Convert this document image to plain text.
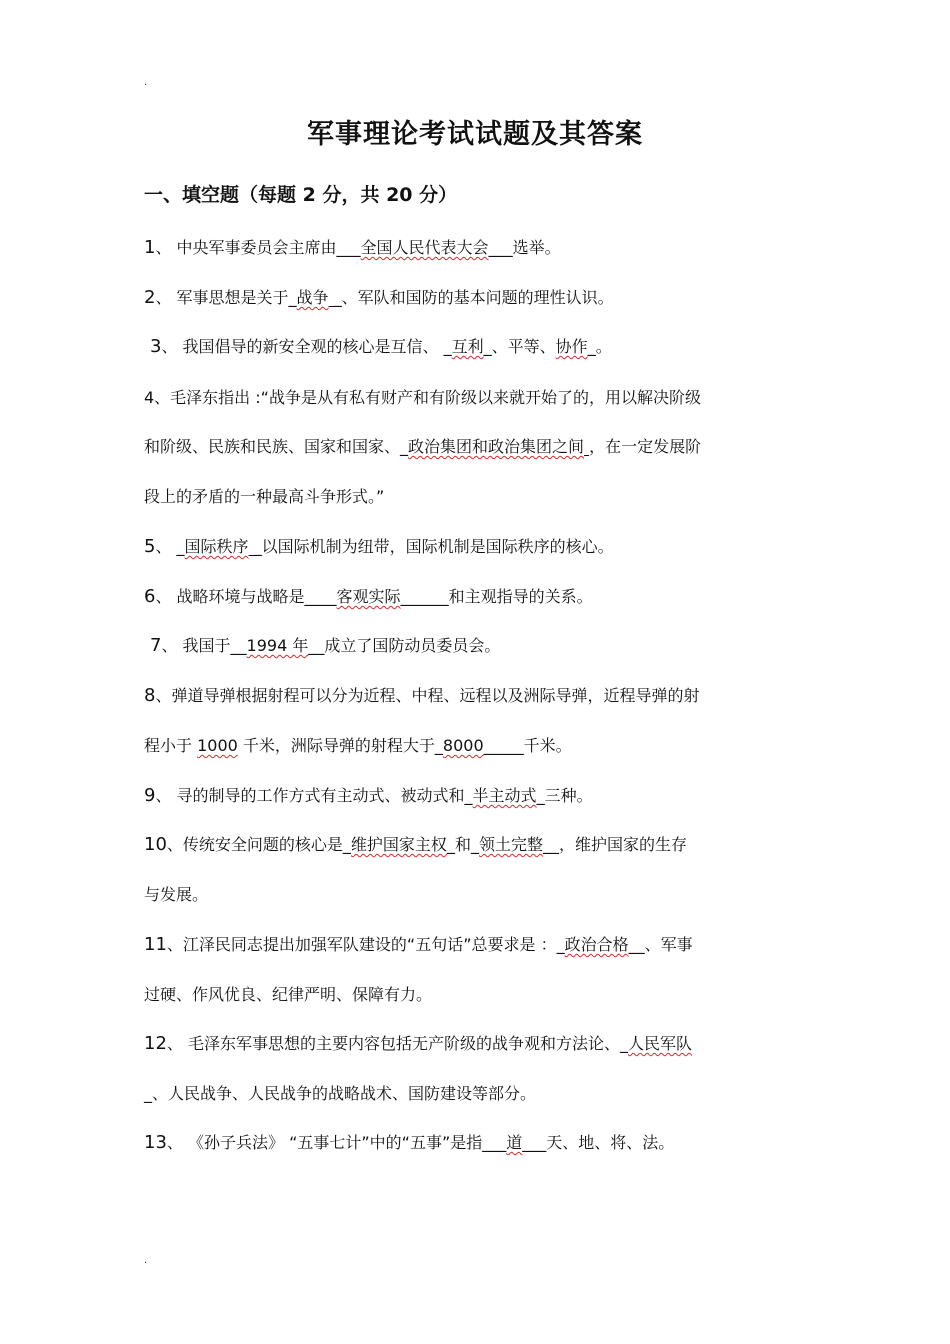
.
军事理论考试试题及其答案
一、填空题（每题 2 分，共 20 分）
1、 中央军事委员会主席由___全国人民代表大会___选举。
2、 军事思想是关于_战争 _、军队和国防的基本问题的理性认识。
3、 我国倡导的新安全观的核心是互信、 _互利_、平等、协作_。
4、毛泽东指出 :“战争是从有私有财产和有阶级以来就开始了的，用以解决阶级
和阶级、民族和民族、国家和国家、_政治集团和政治集团之间 ，在一定发展阶
段上的矛盾的一种最高斗争形式。”
5、 _国际秩序 _以国际机制为纽带，国际机制是国际秩序的核心。
6、 战略环境与战略是____客观实际______和主观指导的关系。
7、 我国于__1994 年__成立了国防动员委员会。
8、弹道导弹根据射程可以分为近程、中程、远程以及洲际导弹，近程导弹的射
程小于 1000 千米，洲际导弹的射程大于_8000_____千米。
9、 寻的制导的工作方式有主动式、被动式和_半主动式_三种。
10、传统安全问题的核心是_维护国家主权_和_领土完整__，维护国家的生存
与发展。
11、江泽民同志提出加强军队建设的“五句话”总要求是 ：_政治合格__、军事
过硬、作风优良、纪律严明、保障有力。
12、 毛泽东军事思想的主要内容包括无产阶级的战争观和方法论、_人民军队
_、人民战争、人民战争的战略战术、国防建设等部分。
13、 《孙子兵法》 “五事七计”中的“五事”是指___道___天、地、将、法。
.
